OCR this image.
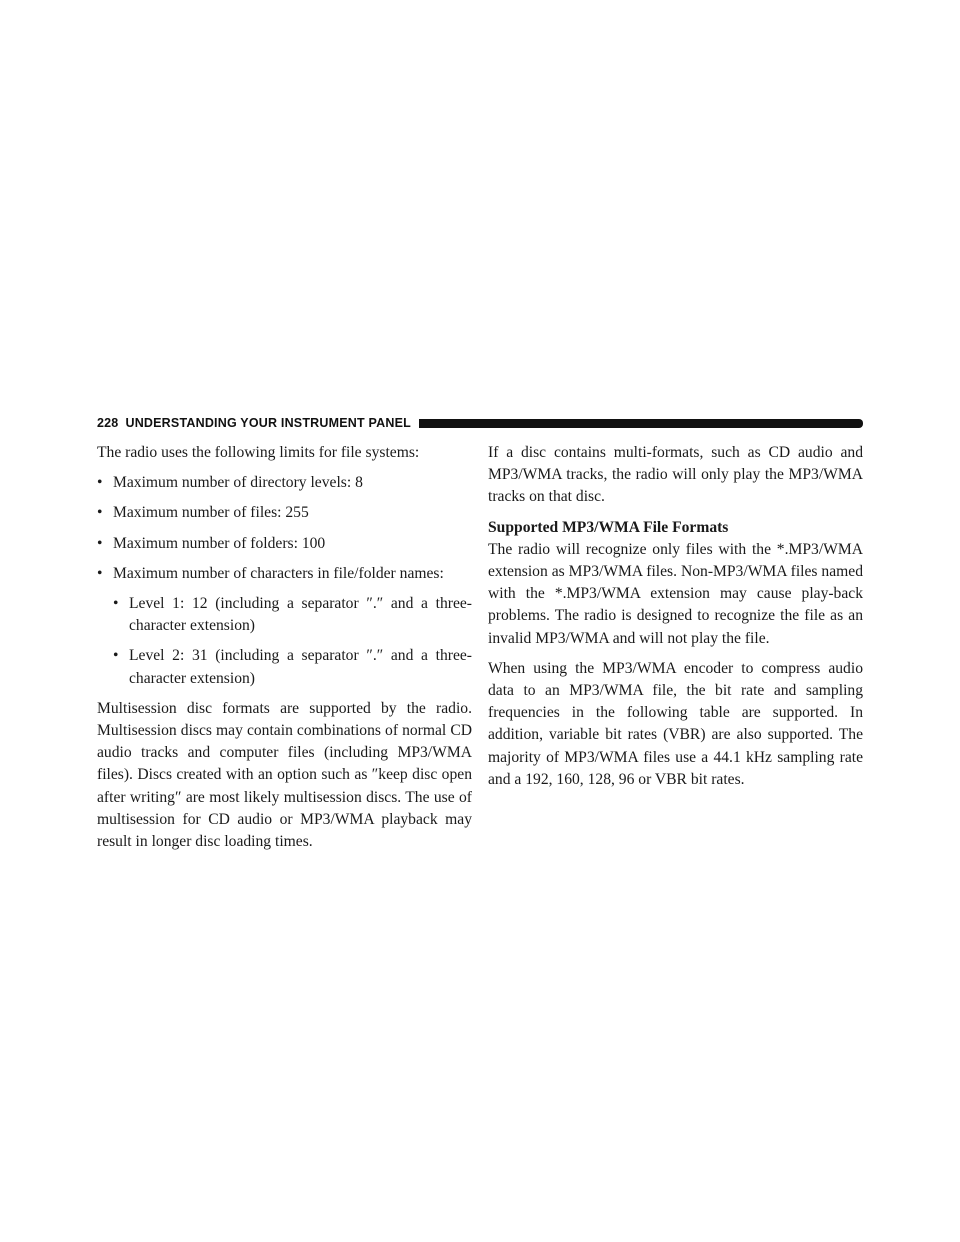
228 UNDERSTANDING YOUR INSTRUMENT PANEL

The radio uses the following limits for file systems:

• Maximum number of directory levels: 8
• Maximum number of files: 255
• Maximum number of folders: 100
• Maximum number of characters in file/folder names:
• Level 1: 12 (including a separator ″.″ and a three-character extension)
• Level 2: 31 (including a separator ″.″ and a three-character extension)

Multisession disc formats are supported by the radio. Multisession discs may contain combinations of normal CD audio tracks and computer files (including MP3/WMA files). Discs created with an option such as ″keep disc open after writing″ are most likely multisession discs. The use of multisession for CD audio or MP3/WMA playback may result in longer disc loading times.

If a disc contains multi-formats, such as CD audio and MP3/WMA tracks, the radio will only play the MP3/WMA tracks on that disc.

Supported MP3/WMA File Formats

The radio will recognize only files with the *.MP3/WMA extension as MP3/WMA files. Non-MP3/WMA files named with the *.MP3/WMA extension may cause play-back problems. The radio is designed to recognize the file as an invalid MP3/WMA and will not play the file.

When using the MP3/WMA encoder to compress audio data to an MP3/WMA file, the bit rate and sampling frequencies in the following table are supported. In addition, variable bit rates (VBR) are also supported. The majority of MP3/WMA files use a 44.1 kHz sampling rate and a 192, 160, 128, 96 or VBR bit rates.
